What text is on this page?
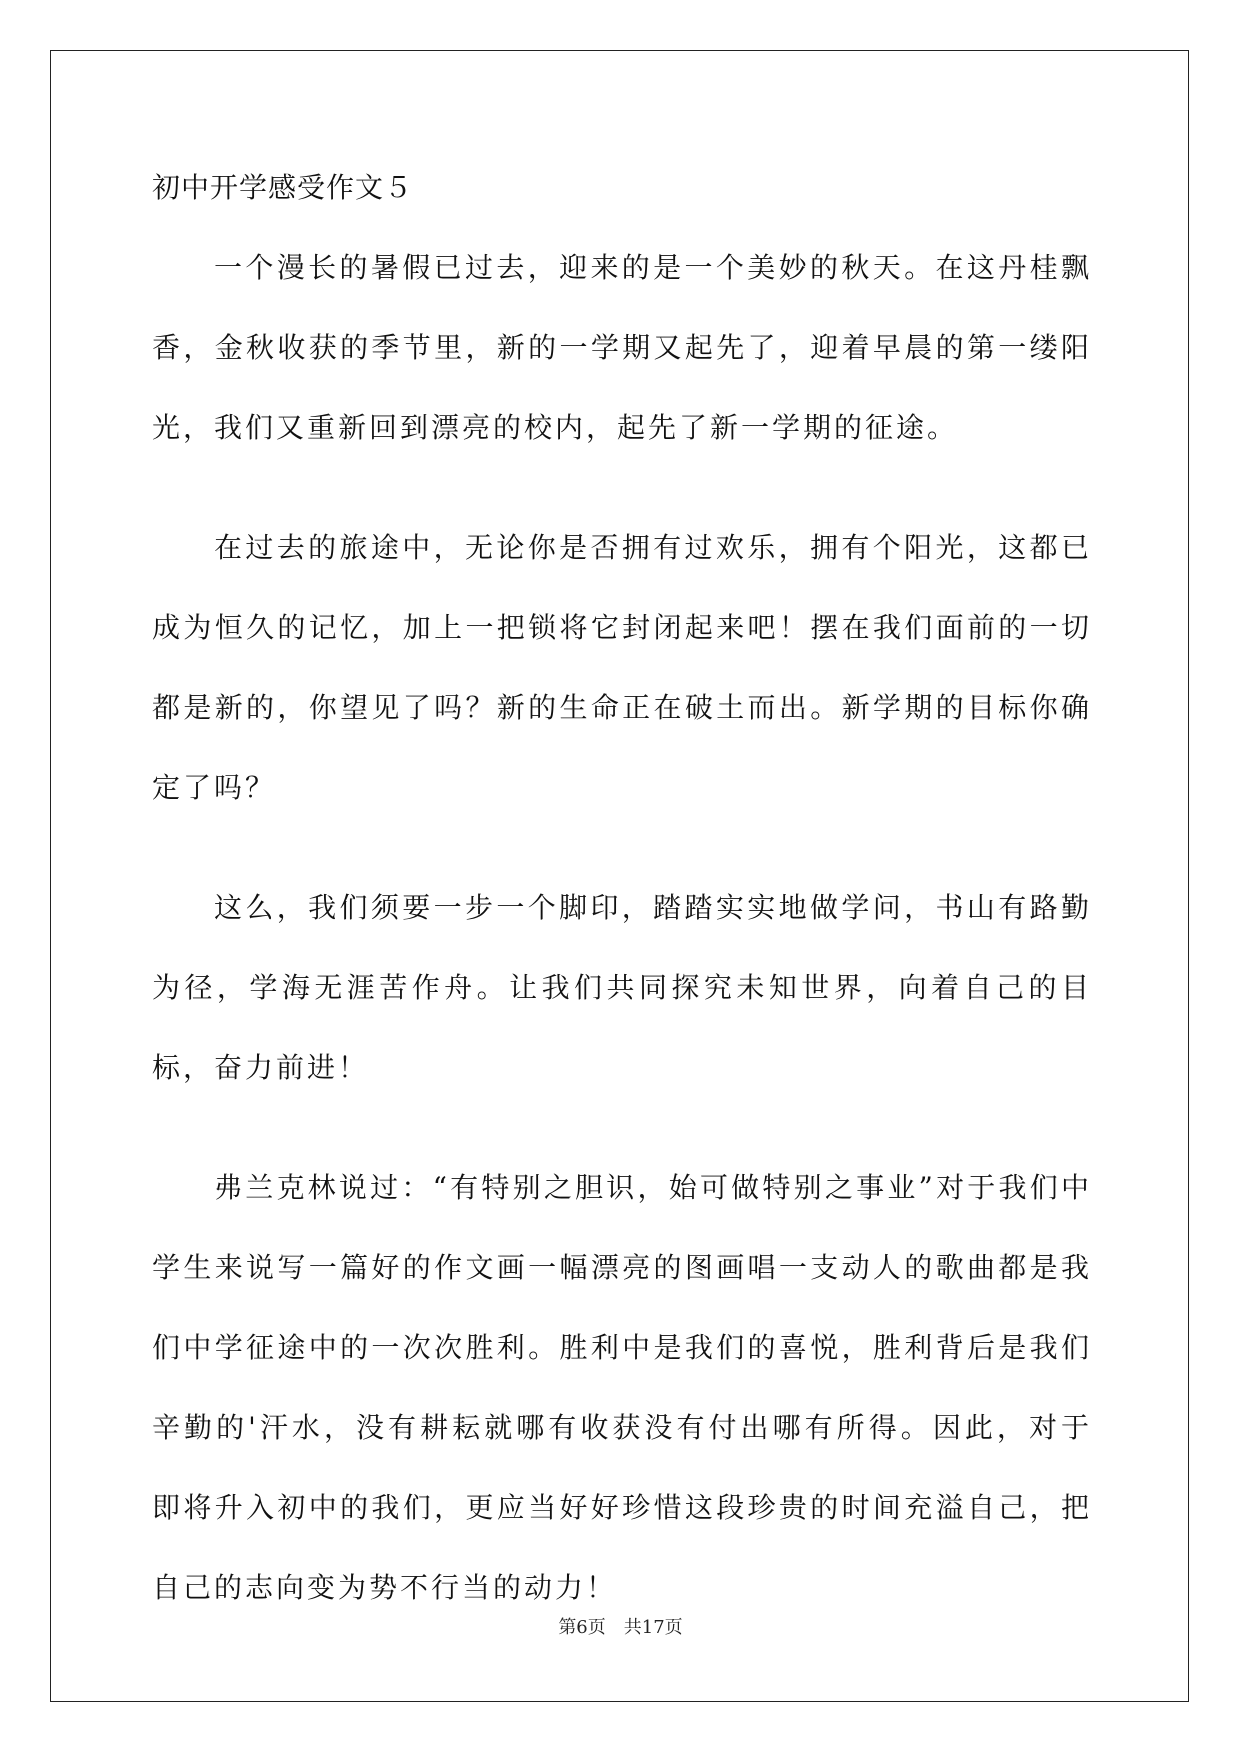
初中开学感受作文５

一个漫长的暑假已过去，迎来的是一个美妙的秋天。在这丹桂飘香，金秋收获的季节里，新的一学期又起先了，迎着早晨的第一缕阳光，我们又重新回到漂亮的校内，起先了新一学期的征途。

在过去的旅途中，无论你是否拥有过欢乐，拥有个阳光，这都已成为恒久的记忆，加上一把锁将它封闭起来吧！摆在我们面前的一切都是新的，你望见了吗？新的生命正在破土而出。新学期的目标你确定了吗？

这么，我们须要一步一个脚印，踏踏实实地做学问，书山有路勤为径，学海无涯苦作舟。让我们共同探究未知世界，向着自己的目标，奋力前进！

弗兰克林说过：“有特别之胆识，始可做特别之事业”对于我们中学生来说写一篇好的作文画一幅漂亮的图画唱一支动人的歌曲都是我们中学征途中的一次次胜利。胜利中是我们的喜悦，胜利背后是我们辛勤的'汗水，没有耕耘就哪有收获没有付出哪有所得。因此，对于即将升入初中的我们，更应当好好珍惜这段珍贵的时间充溢自己，把自己的志向变为势不行当的动力！

第6页 共17页
